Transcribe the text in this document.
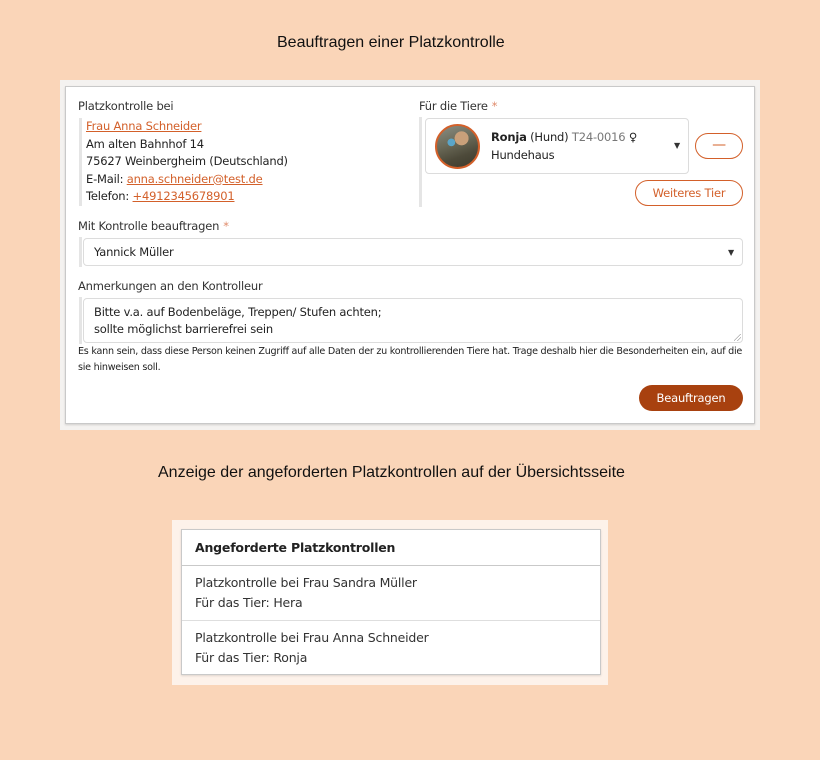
Beauftragen einer Platzkontrolle
Platzkontrolle bei
Frau Anna Schneider
Am alten Bahnhof 14
75627 Weinbergheim (Deutschland)
E-Mail: anna.schneider@test.de
Telefon: +4912345678901
Für die Tiere *
Ronja (Hund) T24-0016 ♀
Hundehaus
▼	—
Weiteres Tier
Mit Kontrolle beauftragen *
Yannick Müller	▼
Anmerkungen an den Kontrolleur
Bitte v.a. auf Bodenbeläge, Treppen/ Stufen achten;
sollte möglichst barrierefrei sein
Es kann sein, dass diese Person keinen Zugriff auf alle Daten der zu kontrollierenden Tiere hat. Trage deshalb hier die Besonderheiten ein, auf die sie hinweisen soll.
Beauftragen
Anzeige der angeforderten Platzkontrollen auf der Übersichtsseite
Angeforderte Platzkontrollen
Platzkontrolle bei Frau Sandra Müller
Für das Tier: Hera
Platzkontrolle bei Frau Anna Schneider
Für das Tier: Ronja
